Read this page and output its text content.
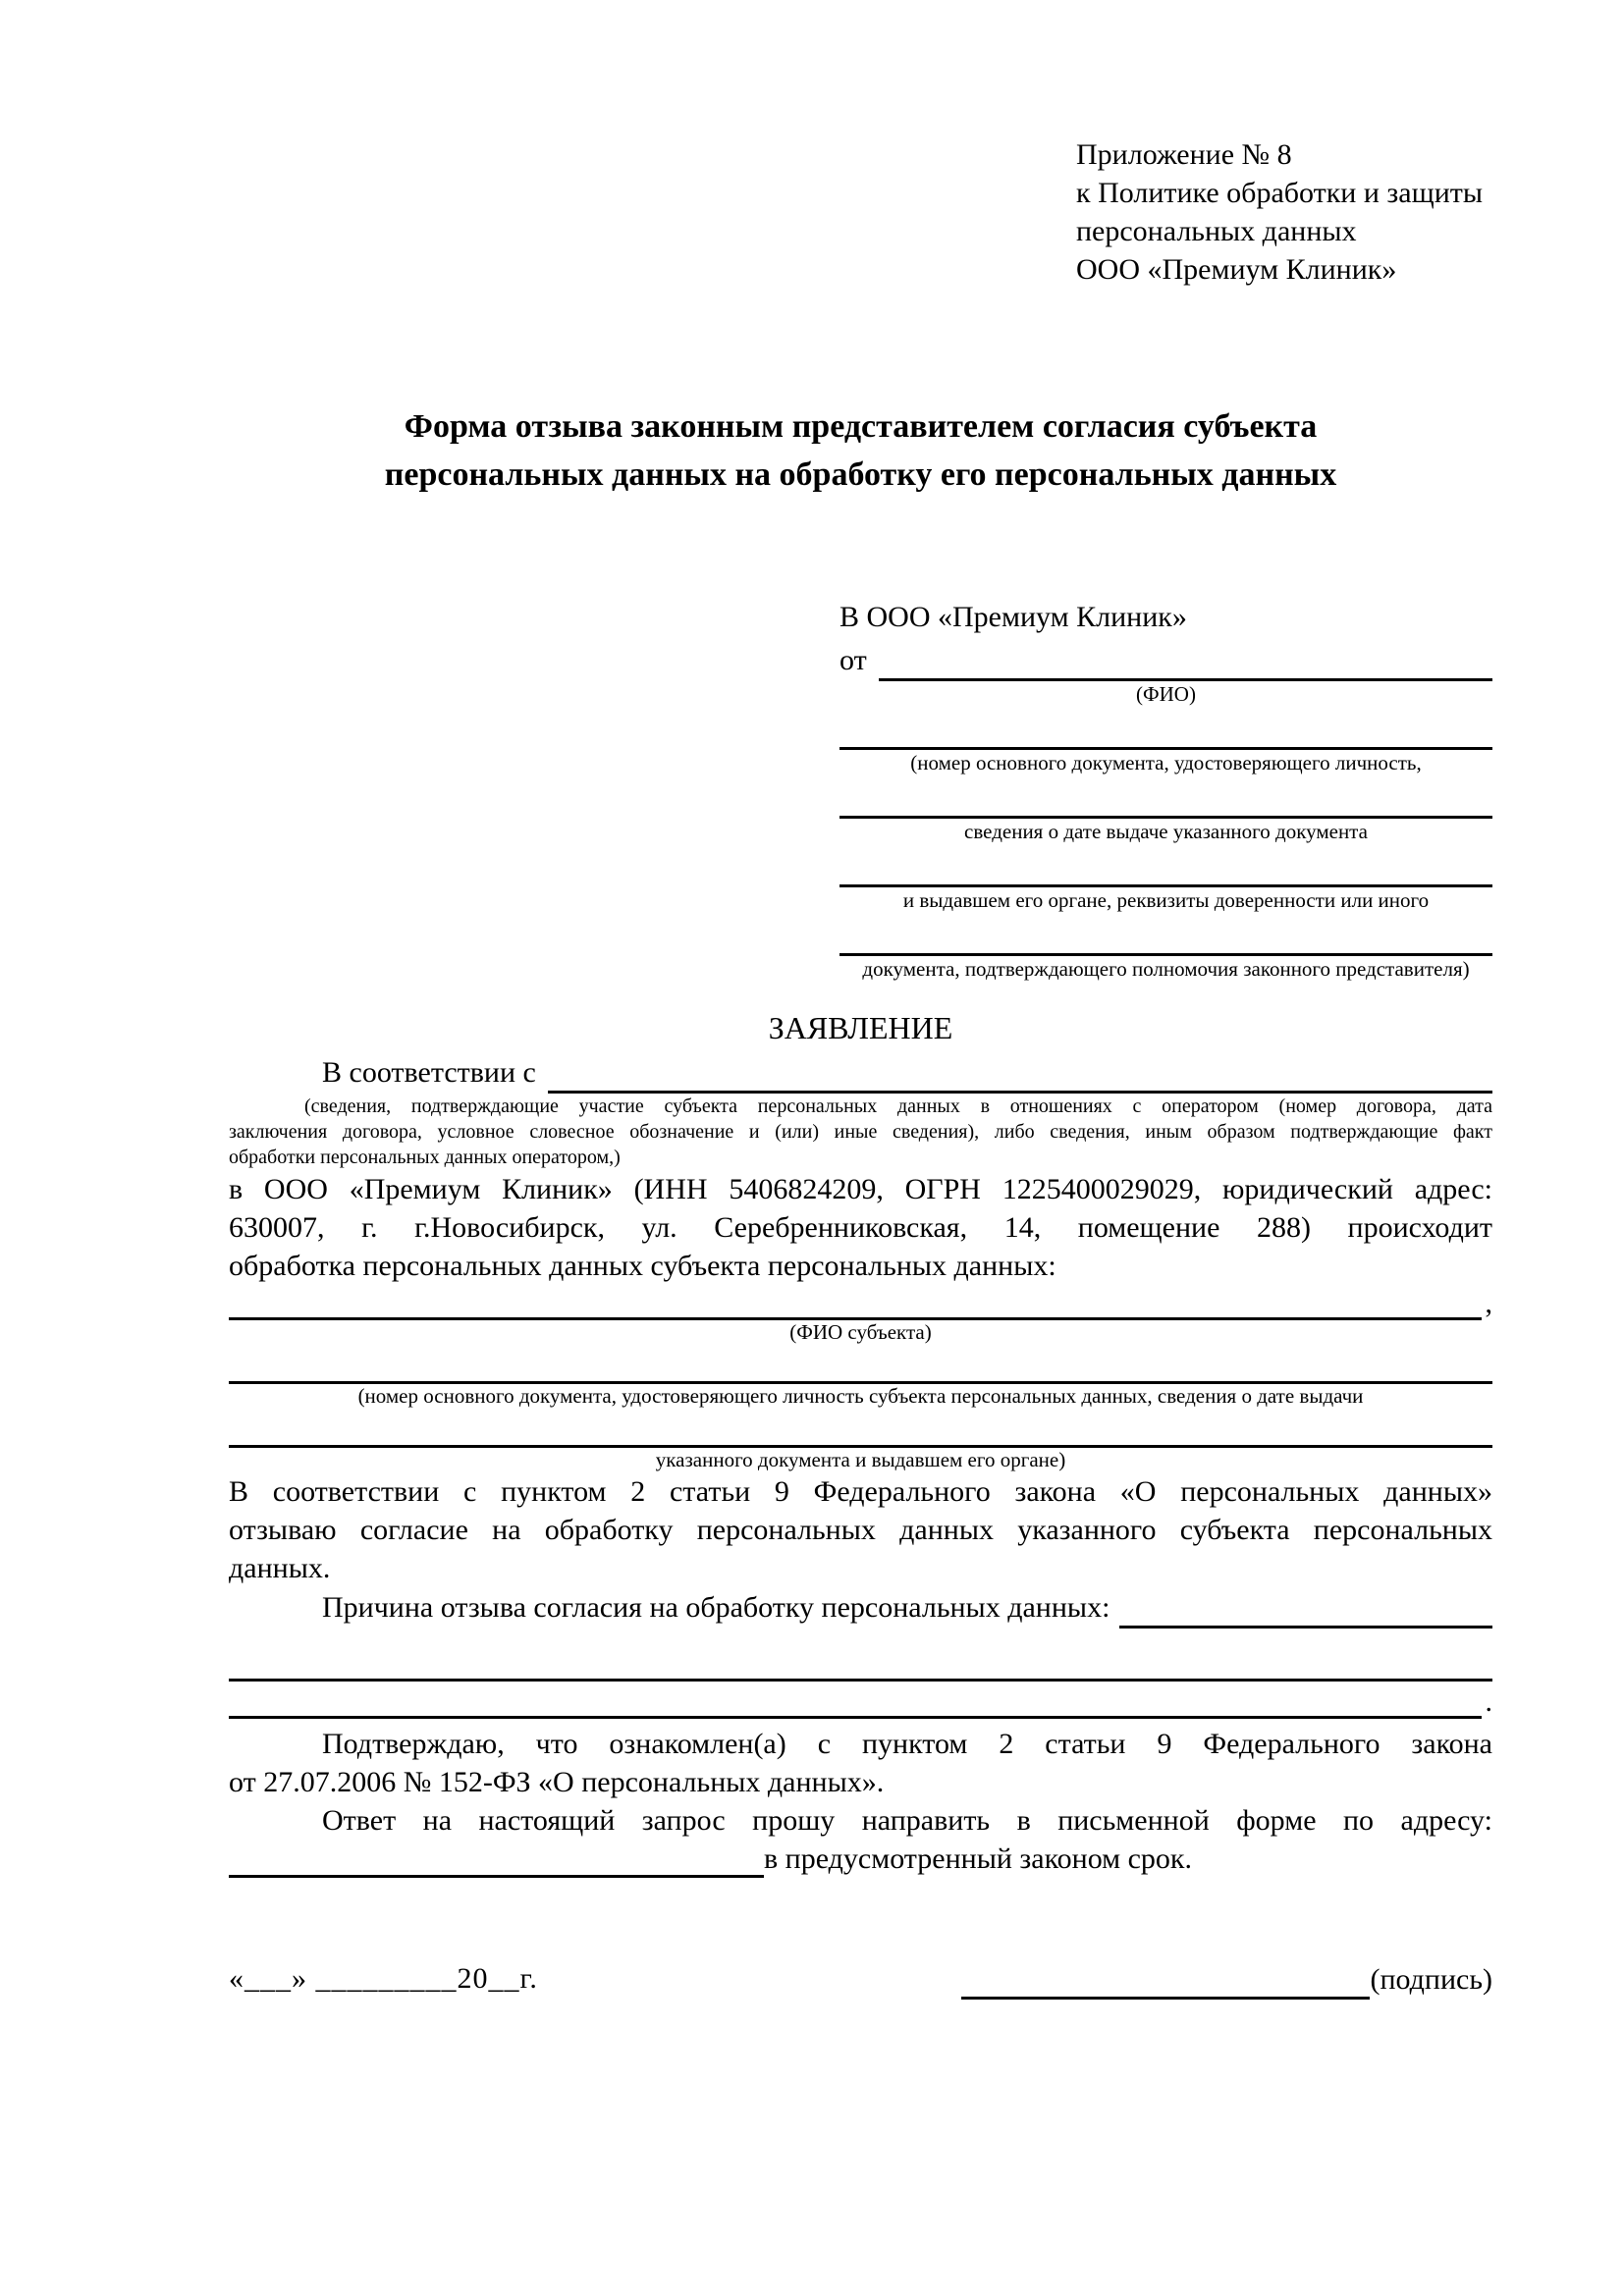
Приложение № 8
к Политике обработки и защиты
персональных данных
ООО «Премиум Клиник»
Форма отзыва законным представителем согласия субъекта
персональных данных на обработку его персональных данных
В ООО «Премиум Клиник»
от
(ФИО)
(номер основного документа, удостоверяющего личность,
сведения о дате выдаче указанного документа
и выдавшем его органе, реквизиты доверенности или иного
документа, подтверждающего полномочия законного представителя)
ЗАЯВЛЕНИЕ
В соответствии с
(сведения, подтверждающие участие субъекта персональных данных в отношениях с оператором (номер договора, дата
заключения договора, условное словесное обозначение и (или) иные сведения), либо сведения, иным образом подтверждающие факт
обработки персональных данных оператором,)
в ООО «Премиум Клиник» (ИНН 5406824209, ОГРН 1225400029029, юридический адрес:
630007, г. г.Новосибирск, ул. Серебренниковская, 14, помещение 288) происходит
обработка персональных данных субъекта персональных данных:
,
(ФИО субъекта)
(номер основного документа, удостоверяющего личность субъекта персональных данных, сведения о дате выдачи
указанного документа и выдавшем его органе)
В соответствии с пунктом 2 статьи 9 Федерального закона «О персональных данных»
отзываю согласие на обработку персональных данных указанного субъекта персональных
данных.
Причина отзыва согласия на обработку персональных данных:
.
Подтверждаю, что ознакомлен(а) с пунктом 2 статьи 9 Федерального закона
от 27.07.2006 № 152-ФЗ «О персональных данных».
Ответ на настоящий запрос прошу направить в письменной форме по адресу:
в предусмотренный законом срок.
«___» _________20__г.	(подпись)
